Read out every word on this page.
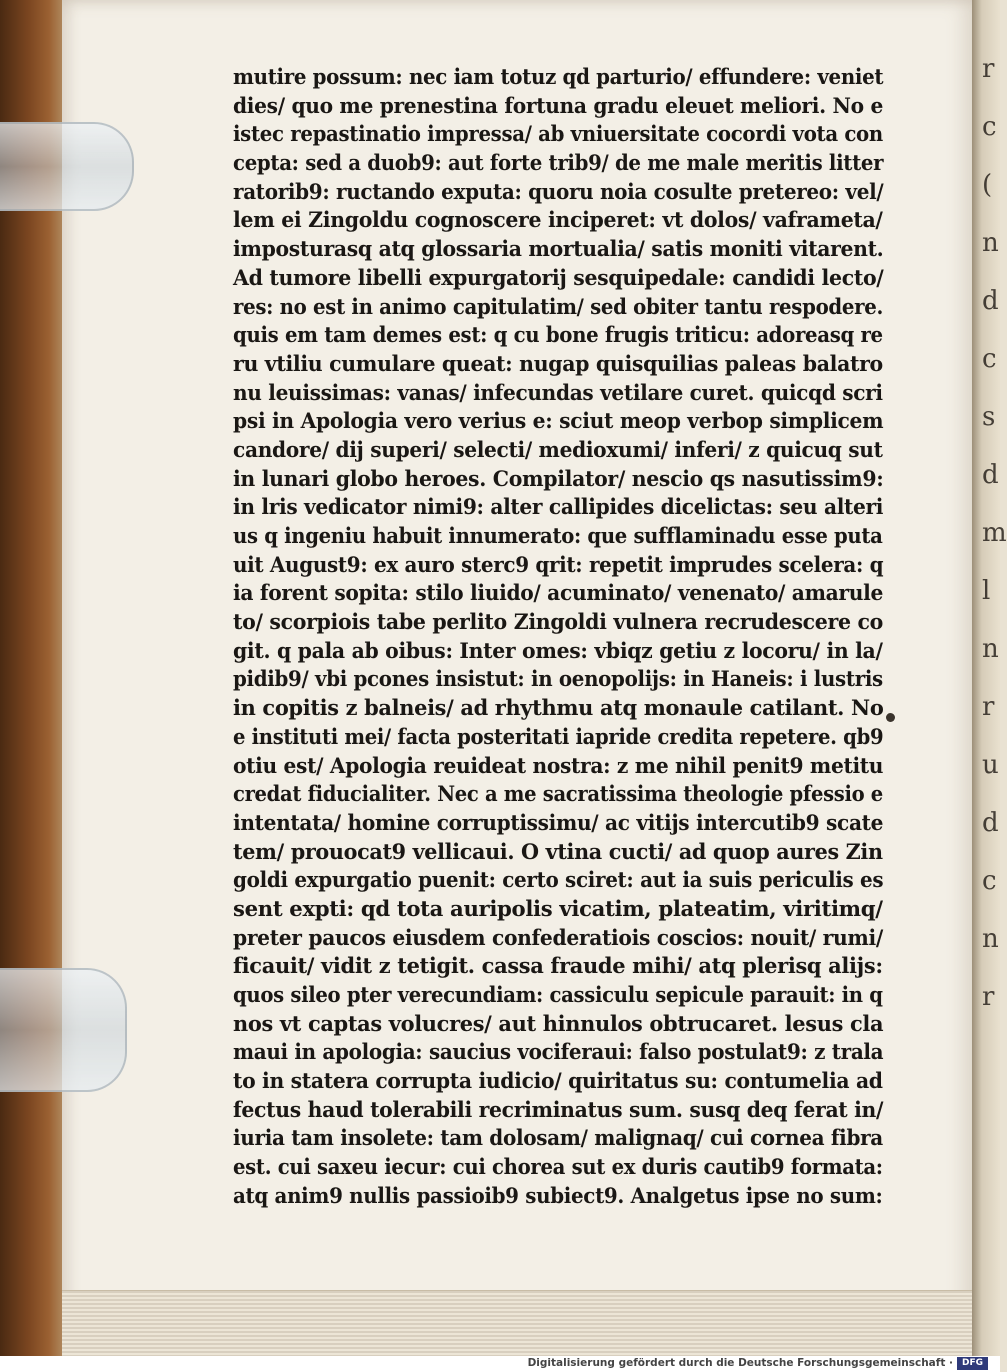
r
c
(
n
d
c
s
d
m
l
n
r
u
d
c
n
r
mutire possum: nec iam totuz qd parturio/ effundere: veniet
dies/ quo me prenestina fortuna gradu eleuet meliori. No e
istec repastinatio impressa/ ab vniuersitate cocordi vota con
cepta: sed a duob9: aut forte trib9/ de me male meritis litter
ratorib9: ructando exputa: quoru noia cosulte pretereo: vel/
lem ei Zingoldu cognoscere inciperet: vt dolos/ vaframeta/
imposturasq atq glossaria mortualia/ satis moniti vitarent.
Ad tumore libelli expurgatorij sesquipedale: candidi lecto/
res: no est in animo capitulatim/ sed obiter tantu respodere.
quis em tam demes est: q cu bone frugis triticu: adoreasq re
ru vtiliu cumulare queat: nugap quisquilias paleas balatro
nu leuissimas: vanas/ infecundas vetilare curet. quicqd scri
psi in Apologia vero verius e: sciut meop verbop simplicem
candore/ dij superi/ selecti/ medioxumi/ inferi/ z quicuq sut
in lunari globo heroes. Compilator/ nescio qs nasutissim9:
in lris vedicator nimi9: alter callipides dicelictas: seu alteri
us q ingeniu habuit innumerato: que sufflaminadu esse puta
uit August9: ex auro sterc9 qrit: repetit imprudes scelera: q
ia forent sopita: stilo liuido/ acuminato/ venenato/ amarule
to/ scorpiois tabe perlito Zingoldi vulnera recrudescere co
git. q pala ab oibus: Inter omes: vbiqz getiu z locoru/ in la/
pidib9/ vbi pcones insistut: in oenopolijs: in Haneis: i lustris
in copitis z balneis/ ad rhythmu atq monaule catilant. No
e instituti mei/ facta posteritati iapride credita repetere. qb9
otiu est/ Apologia reuideat nostra: z me nihil penit9 metitu
credat fiducialiter. Nec a me sacratissima theologie pfessio e
intentata/ homine corruptissimu/ ac vitijs intercutib9 scate
tem/ prouocat9 vellicaui. O vtina cucti/ ad quop aures Zin
goldi expurgatio puenit: certo sciret: aut ia suis periculis es
sent expti: qd tota auripolis vicatim, plateatim, viritimq/
preter paucos eiusdem confederatiois coscios: nouit/ rumi/
ficauit/ vidit z tetigit. cassa fraude mihi/ atq plerisq alijs:
quos sileo pter verecundiam: cassiculu sepicule parauit: in q
nos vt captas volucres/ aut hinnulos obtrucaret. lesus cla
maui in apologia: saucius vociferaui: falso postulat9: z trala
to in statera corrupta iudicio/ quiritatus su: contumelia ad
fectus haud tolerabili recriminatus sum. susq deq ferat in/
iuria tam insolete: tam dolosam/ malignaq/ cui cornea fibra
est. cui saxeu iecur: cui chorea sut ex duris cautib9 formata:
atq anim9 nullis passioib9 subiect9. Analgetus ipse no sum:
Digitalisierung gefördert durch die Deutsche Forschungsgemeinschaft · DFG
